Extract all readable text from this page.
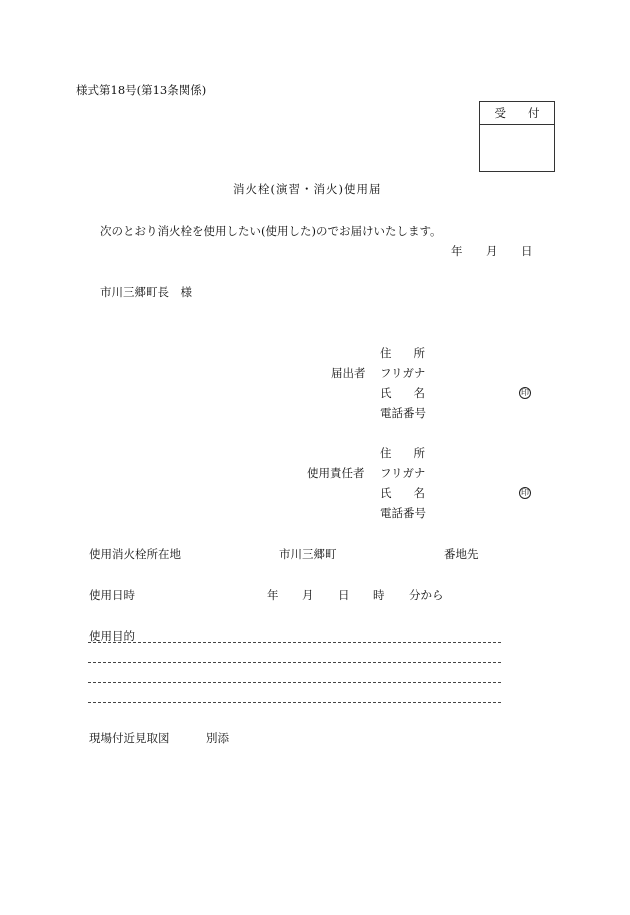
様式第18号(第13条関係)
受 付
消火栓(演習・消火)使用届
次のとおり消火栓を使用したい(使用した)のでお届けいたします。
年 月 日
市川三郷町長　様
住 所
届出者 フリガナ
氏 名	印
電話番号
住 所
使用責任者 フリガナ
氏 名	印
電話番号
使用消火栓所在地	市川三郷町	番地先
使用日時	年 月 日 時 分から
使用目的
現場付近見取図	別添
